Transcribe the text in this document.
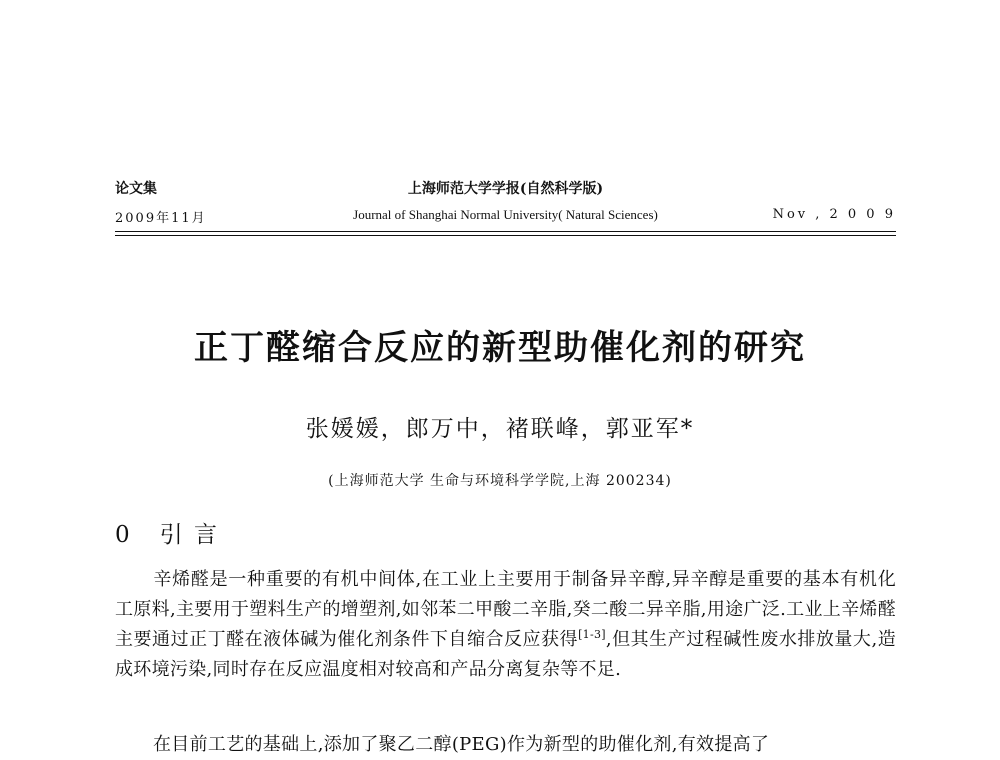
论文集	上海师范大学学报(自然科学版)
2009年11月	Journal of Shanghai Normal University( Natural Sciences)	Nov , 2 0 0 9
正丁醛缩合反应的新型助催化剂的研究
张媛媛，郎万中，褚联峰，郭亚军*
(上海师范大学 生命与环境科学学院,上海 200234)
0 引 言
辛烯醛是一种重要的有机中间体,在工业上主要用于制备异辛醇,异辛醇是重要的基本有机化工原料,主要用于塑料生产的增塑剂,如邻苯二甲酸二辛脂,癸二酸二异辛脂,用途广泛.工业上辛烯醛主要通过正丁醛在液体碱为催化剂条件下自缩合反应获得[1-3],但其生产过程碱性废水排放量大,造成环境污染,同时存在反应温度相对较高和产品分离复杂等不足.
在目前工艺的基础上,添加了聚乙二醇(PEG)作为新型的助催化剂,有效提高了
